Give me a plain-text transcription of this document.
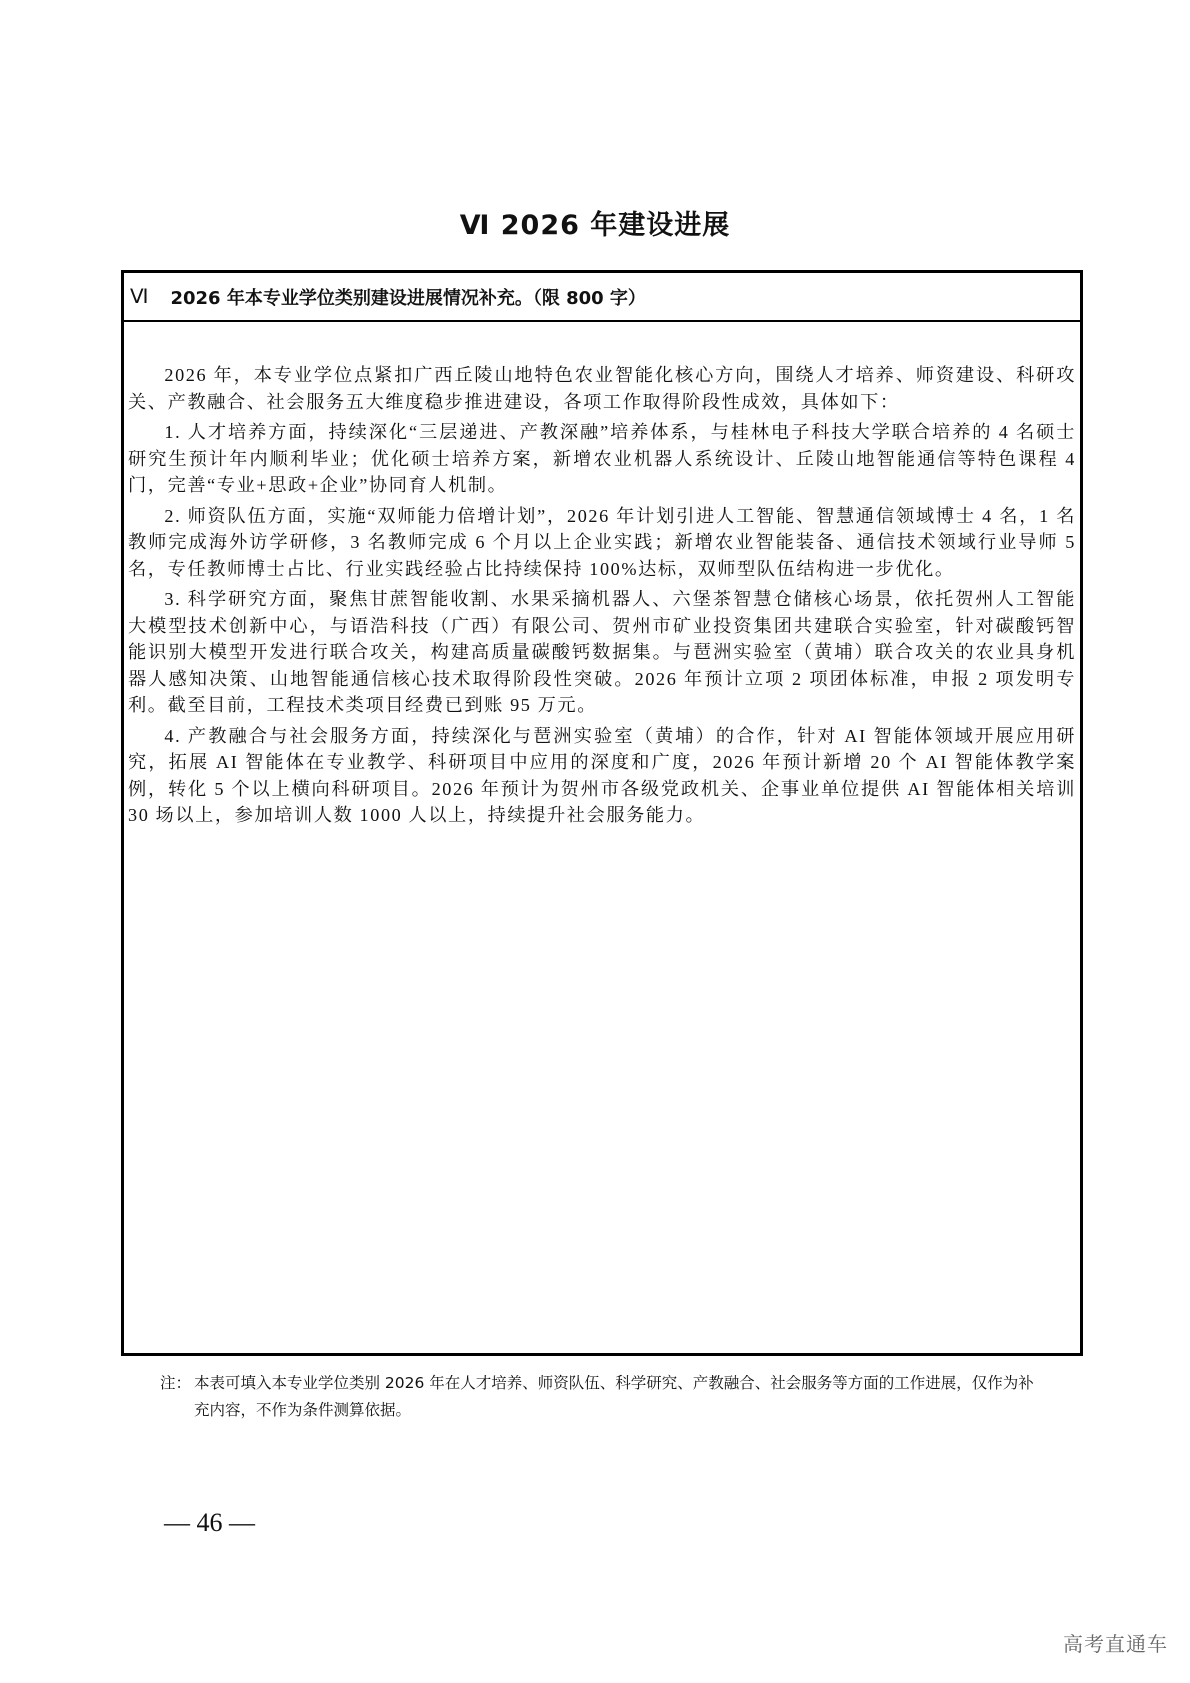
Ⅵ 2026 年建设进展
Ⅵ 2026 年本专业学位类别建设进展情况补充。（限 800 字）

2026 年，本专业学位点紧扣广西丘陵山地特色农业智能化核心方向，围绕人才培养、师资建设、科研攻关、产教融合、社会服务五大维度稳步推进建设，各项工作取得阶段性成效，具体如下：

1. 人才培养方面，持续深化“三层递进、产教深融”培养体系，与桂林电子科技大学联合培养的 4 名硕士研究生预计年内顺利毕业；优化硕士培养方案，新增农业机器人系统设计、丘陵山地智能通信等特色课程 4 门，完善“专业+思政+企业”协同育人机制。

2. 师资队伍方面，实施“双师能力倍增计划”，2026 年计划引进人工智能、智慧通信领域博士 4 名，1 名教师完成海外访学研修，3 名教师完成 6 个月以上企业实践；新增农业智能装备、通信技术领域行业导师 5 名，专任教师博士占比、行业实践经验占比持续保持 100%达标，双师型队伍结构进一步优化。

3. 科学研究方面，聚焦甘蔗智能收割、水果采摘机器人、六堡茶智慧仓储核心场景，依托贺州人工智能大模型技术创新中心，与语浩科技（广西）有限公司、贺州市矿业投资集团共建联合实验室，针对碳酸钙智能识别大模型开发进行联合攻关，构建高质量碳酸钙数据集。与琶洲实验室（黄埔）联合攻关的农业具身机器人感知决策、山地智能通信核心技术取得阶段性突破。2026 年预计立项 2 项团体标准，申报 2 项发明专利。截至目前，工程技术类项目经费已到账 95 万元。

4. 产教融合与社会服务方面，持续深化与琶洲实验室（黄埔）的合作，针对 AI 智能体领域开展应用研究，拓展 AI 智能体在专业教学、科研项目中应用的深度和广度，2026 年预计新增 20 个 AI 智能体教学案例，转化 5 个以上横向科研项目。2026 年预计为贺州市各级党政机关、企事业单位提供 AI 智能体相关培训 30 场以上，参加培训人数 1000 人以上，持续提升社会服务能力。

注： 本表可填入本专业学位类别 2026 年在人才培养、师资队伍、科学研究、产教融合、社会服务等方面的工作进展，仅作为补充内容，不作为条件测算依据。
— 46 —
高考直通车
